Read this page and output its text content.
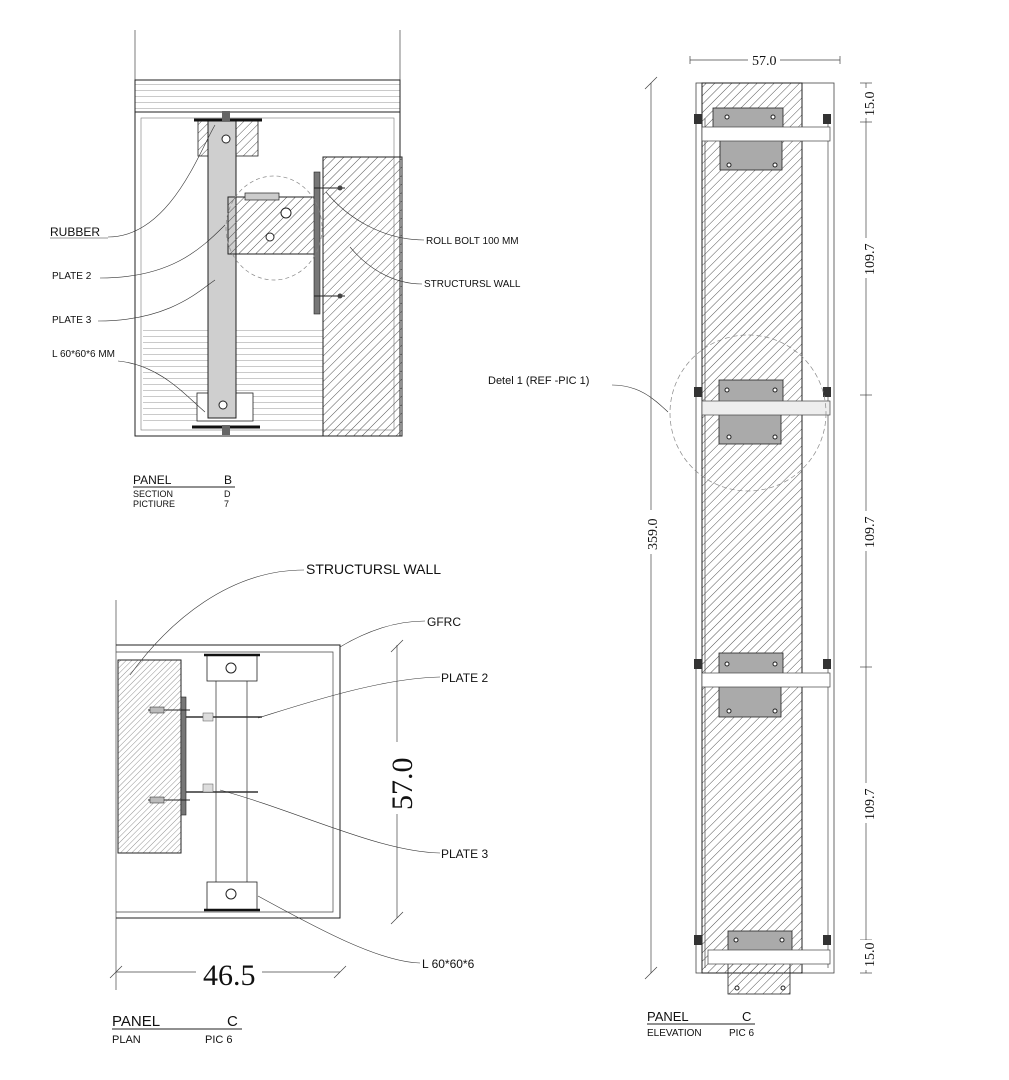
RUBBER
PLATE 2
PLATE 3
L 60*60*6 MM
ROLL BOLT 100 MM
STRUCTURSL WALL
PANEL	B
SECTION	D
PICTIURE	7
57.0
46.5
STRUCTURSL WALL
GFRC
PLATE 2
PLATE 3
L 60*60*6
PANEL	C
PLAN	PIC 6
Detel 1 (REF -PIC 1)
57.0
359.0
15.0
109.7
109.7
109.7
15.0
PANEL	C
ELEVATION	PIC 6
